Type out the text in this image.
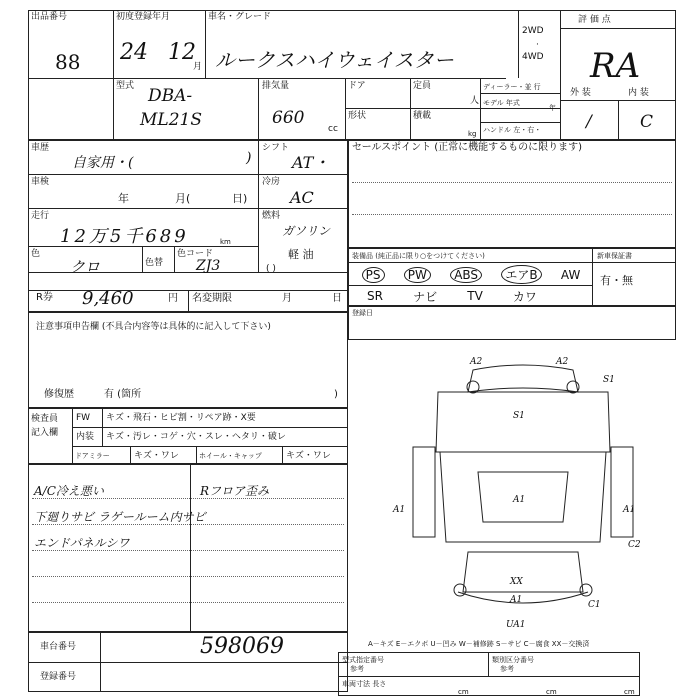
出品番号
88
初度登録年月
24 12
月
車名・グレード
ルークスハイウェイスター
2WD
·
4WD
評 価 点
RA
型式 DBA-
ML21S
排気量
660
cc
ドア	定員
人
形状	積載
kg
ディーラー・並 行
モデル 年式
年
ハンドル 左・右・
外 装	内 装
/	C
車歴
自家用・(	)
シフト
AT・
車検
年	月(	日)
冷房
AC
走行
12万5千689	km
燃料
ガソリン
軽 油
( )
色
クロ	色替
色コード
ZJ3
R券 9,460	円 名変期限	月	日
注意事項申告欄 (不具合内容等は具体的に記入して下さい)
修復歴	有 (箇所	)
セールスポイント (正常に機能するものに限ります)
装備品 (純正品に限り○をつけてください)	新車保証書
有・無
PS	PW	ABS	エアB	AW
SR	ナビ	TV	カワ
登録日
検査員
記入欄
FW キズ・飛石・ヒビ割・リペア跡・X要
内装 キズ・汚レ・コゲ・穴・スレ・ヘタリ・破レ
ドアミラー	キズ・ワレ	ホイール・キャップ	キズ・ワレ
A/C冷え悪い
下廻りサビ ラゲールーム内サビ
エンドパネルシワ
Rフロア歪み
A2	A2
S1
S1
A1
A1	A1
C2
XX
A1	C1
UA1
A－キズ E－エクボ U－凹み W－補修跡 S－サビ C－腐食 XX－交換済
車台番号	598069
登録番号
型式指定番号
参考
類別区分番号
参考
車両寸法 長さ
cm	cm	cm
